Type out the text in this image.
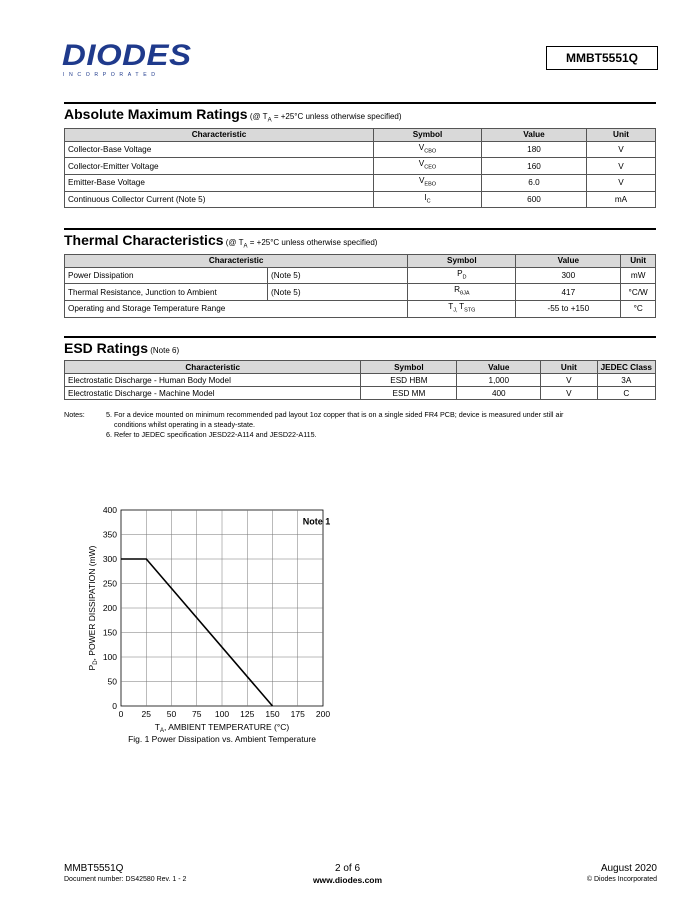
DIODES
INCORPORATED
MMBT5551Q
Absolute Maximum Ratings (@ $T_A = +25^\circ C$ unless otherwise specified)
Characteristic	Symbol	Value	Unit
Collector-Base Voltage	$V_{CBO}$	180	V
Collector-Emitter Voltage	$V_{CEO}$	160	V
Emitter-Base Voltage	$V_{EBO}$	6.0	V
Continuous Collector Current (Note 5)	$I_C$	600	mA
Thermal Characteristics (@ $T_A = +25^\circ C$ unless otherwise specified)
Characteristic		Symbol	Value	Unit
Power Dissipation	(Note 5)	$P_D$	300	mW
Thermal Resistance, Junction to Ambient	(Note 5)	$R_{\theta JA}$	417	°C/W
Operating and Storage Temperature Range		$T_{J,}$ $T_{STG}$	-55 to +150	°C
ESD Ratings (Note 6)
Characteristic	Symbol	Value	Unit	JEDEC Class
Electrostatic Discharge - Human Body Model	ESD HBM	1,000	V	3A
Electrostatic Discharge - Machine Model	ESD MM	400	V	C
Notes:	5. For a device mounted on minimum recommended pad layout 1oz copper that is on a single sided FR4 PCB; device is measured under still air
conditions whilst operating in a steady-state.
6. Refer to JEDEC specification JESD22-A114 and JESD22-A115.
0 25 50 75 100 125 150 175 200
0
50
100
150
200
250
300
350
400
Note 1
$T_A$, AMBIENT TEMPERATURE (°C)
$P_D$, POWER DISSIPATION (mW)
Fig. 1 Power Dissipation vs. Ambient Temperature
MMBT5551Q
Document number: DS42580 Rev. 1 - 2
2 of 6
www.diodes.com
August 2020
© Diodes Incorporated
